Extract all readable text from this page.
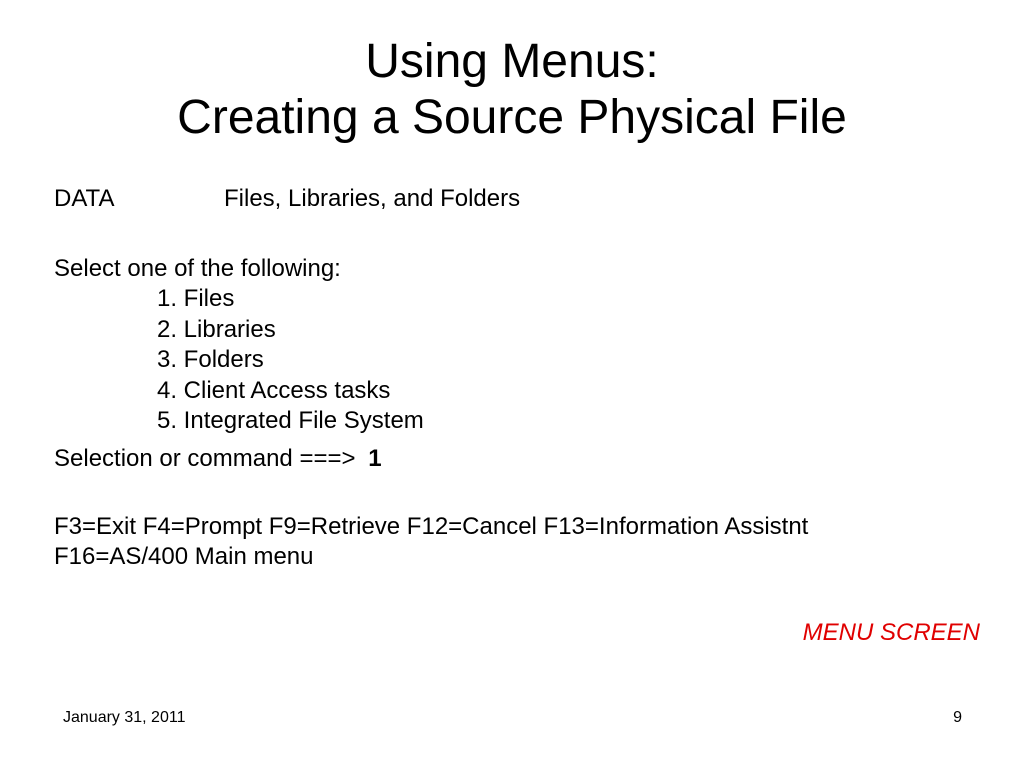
Using Menus:
Creating a Source Physical File
DATA	Files, Libraries, and Folders
Select one of the following:
1. Files
2. Libraries
3. Folders
4. Client Access tasks
5. Integrated File System
Selection or command ===> 1
F3=Exit F4=Prompt F9=Retrieve F12=Cancel F13=Information Assistnt
F16=AS/400 Main menu
MENU SCREEN
January 31, 2011	9
